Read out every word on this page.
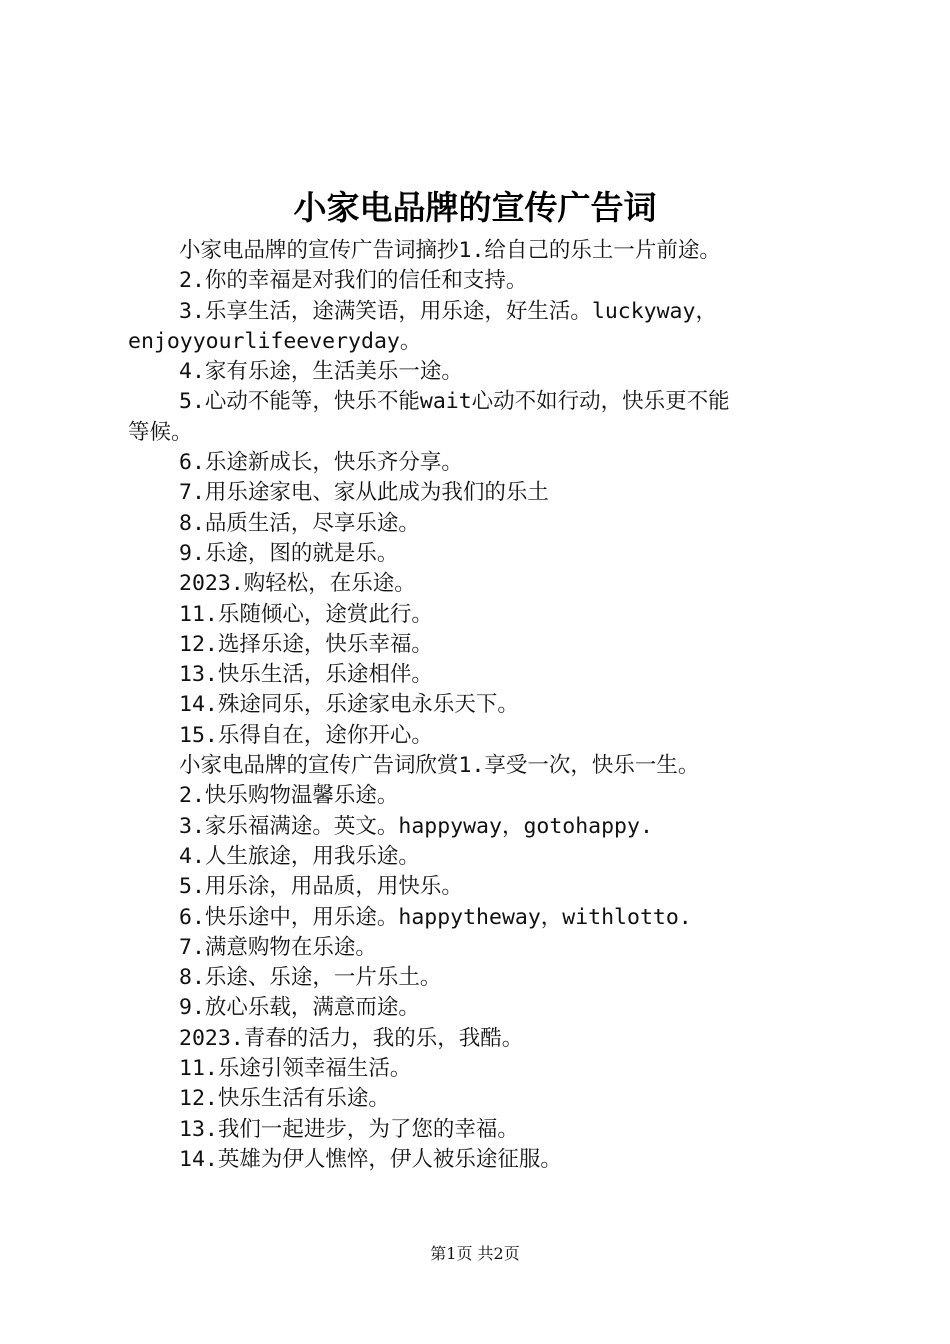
小家电品牌的宣传广告词
小家电品牌的宣传广告词摘抄1.给自己的乐土一片前途。
2.你的幸福是对我们的信任和支持。
3.乐享生活，途满笑语，用乐途，好生活。luckyway，
enjoyyourlifeeveryday。
4.家有乐途，生活美乐一途。
5.心动不能等，快乐不能wait心动不如行动，快乐更不能
等候。
6.乐途新成长，快乐齐分享。
7.用乐途家电、家从此成为我们的乐土
8.品质生活，尽享乐途。
9.乐途，图的就是乐。
2023.购轻松，在乐途。
11.乐随倾心，途赏此行。
12.选择乐途，快乐幸福。
13.快乐生活，乐途相伴。
14.殊途同乐，乐途家电永乐天下。
15.乐得自在，途你开心。
小家电品牌的宣传广告词欣赏1.享受一次，快乐一生。
2.快乐购物温馨乐途。
3.家乐福满途。英文。happyway，gotohappy.
4.人生旅途，用我乐途。
5.用乐涂，用品质，用快乐。
6.快乐途中，用乐途。happytheway，withlotto.
7.满意购物在乐途。
8.乐途、乐途，一片乐土。
9.放心乐载，满意而途。
2023.青春的活力，我的乐，我酷。
11.乐途引领幸福生活。
12.快乐生活有乐途。
13.我们一起进步，为了您的幸福。
14.英雄为伊人憔悴，伊人被乐途征服。
第1页 共2页
